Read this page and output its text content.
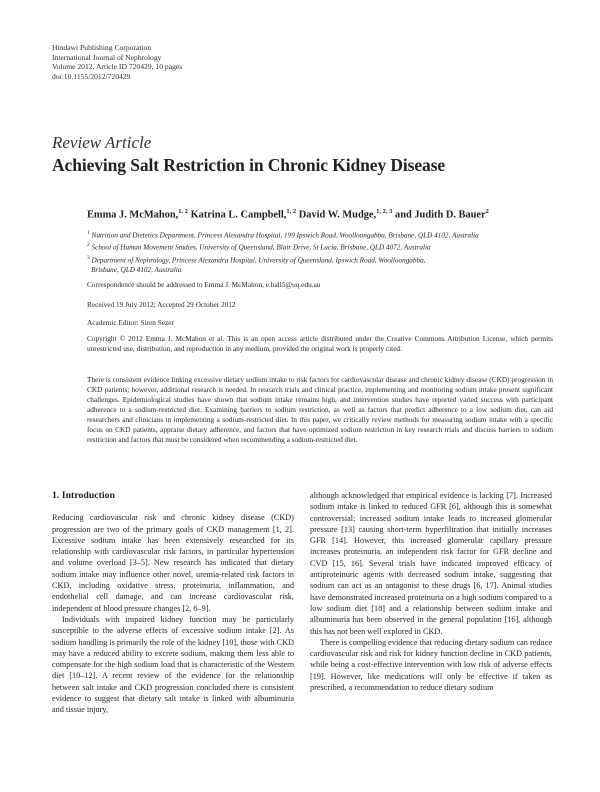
Hindawi Publishing Corporation
International Journal of Nephrology
Volume 2012, Article ID 720429, 10 pages
doi:10.1155/2012/720429
Review Article
Achieving Salt Restriction in Chronic Kidney Disease
Emma J. McMahon,$^{1, 2}$ Katrina L. Campbell,$^{1, 2}$ David W. Mudge,$^{1, 2, 3}$ and Judith D. Bauer$^2$
$^1$ Nutrition and Dietetics Department, Princess Alexandra Hospital, 199 Ipswich Road, Woolloongabba, Brisbane, QLD 4102, Australia
$^2$ School of Human Movement Studies, University of Queensland, Blair Drive, St Lucia, Brisbane, QLD 4072, Australia
$^3$ Department of Nephrology, Princess Alexandra Hospital, University of Queensland, Ipswich Road, Woolloongabba,
Brisbane, QLD 4102, Australia
Correspondence should be addressed to Emma J. McMahon, e.hall5@uq.edu.au
Received 19 July 2012; Accepted 29 October 2012
Academic Editor: Siren Sezer
Copyright © 2012 Emma J. McMahon et al. This is an open access article distributed under the Creative Commons Attribution License, which permits unrestricted use, distribution, and reproduction in any medium, provided the original work is properly cited.
There is consistent evidence linking excessive dietary sodium intake to risk factors for cardiovascular disease and chronic kidney disease (CKD) progression in CKD patients; however, additional research is needed. In research trials and clinical practice, implementing and monitoring sodium intake present significant challenges. Epidemiological studies have shown that sodium intake remains high, and intervention studies have reported varied success with participant adherence to a sodium-restricted diet. Examining barriers to sodium restriction, as well as factors that predict adherence to a low sodium diet, can aid researchers and clinicians in implementing a sodium-restricted diet. In this paper, we critically review methods for measuring sodium intake with a specific focus on CKD patients, appraise dietary adherence, and factors that have optimized sodium restriction in key research trials and discuss barriers to sodium restriction and factors that must be considered when recommending a sodium-restricted diet.
1. Introduction

Reducing cardiovascular risk and chronic kidney disease (CKD) progression are two of the primary goals of CKD management [1, 2]. Excessive sodium intake has been extensively researched for its relationship with cardiovascular risk factors, in particular hypertension and volume overload [3–5]. New research has indicated that dietary sodium intake may influence other novel, uremia-related risk factors in CKD, including oxidative stress, proteinuria, inflammation, and endothelial cell damage, and can increase cardiovascular risk, independent of blood pressure changes [2, 6–9].

Individuals with impaired kidney function may be particularly susceptible to the adverse effects of excessive sodium intake [2]. As sodium handling is primarily the role of the kidney [10], those with CKD may have a reduced ability to excrete sodium, making them less able to compensate for the high sodium load that is characteristic of the Western diet [10–12]. A recent review of the evidence for the relationship between salt intake and CKD progression concluded there is consistent evidence to suggest that dietary salt intake is linked with albuminuria and tissue injury,

although acknowledged that empirical evidence is lacking [7]. Increased sodium intake is linked to reduced GFR [6], although this is somewhat controversial; increased sodium intake leads to increased glomerular pressure [13] causing short-term hyperfiltration that initially increases GFR [14]. However, this increased glomerular capillary pressure increases proteinuria, an independent risk factor for GFR decline and CVD [15, 16]. Several trials have indicated improved efficacy of antiproteinuric agents with decreased sodium intake, suggesting that sodium can act as an antagonist to these drugs [6, 17]. Animal studies have demonstrated increased proteinuria on a high sodium compared to a low sodium diet [18] and a relationship between sodium intake and albuminuria has been observed in the general population [16], although this has not been well explored in CKD.

There is compelling evidence that reducing dietary sodium can reduce cardiovascular risk and risk for kidney function decline in CKD patients, while being a cost-effective intervention with low risk of adverse effects [19]. However, like medications will only be effective if taken as prescribed, a recommendation to reduce dietary sodium
